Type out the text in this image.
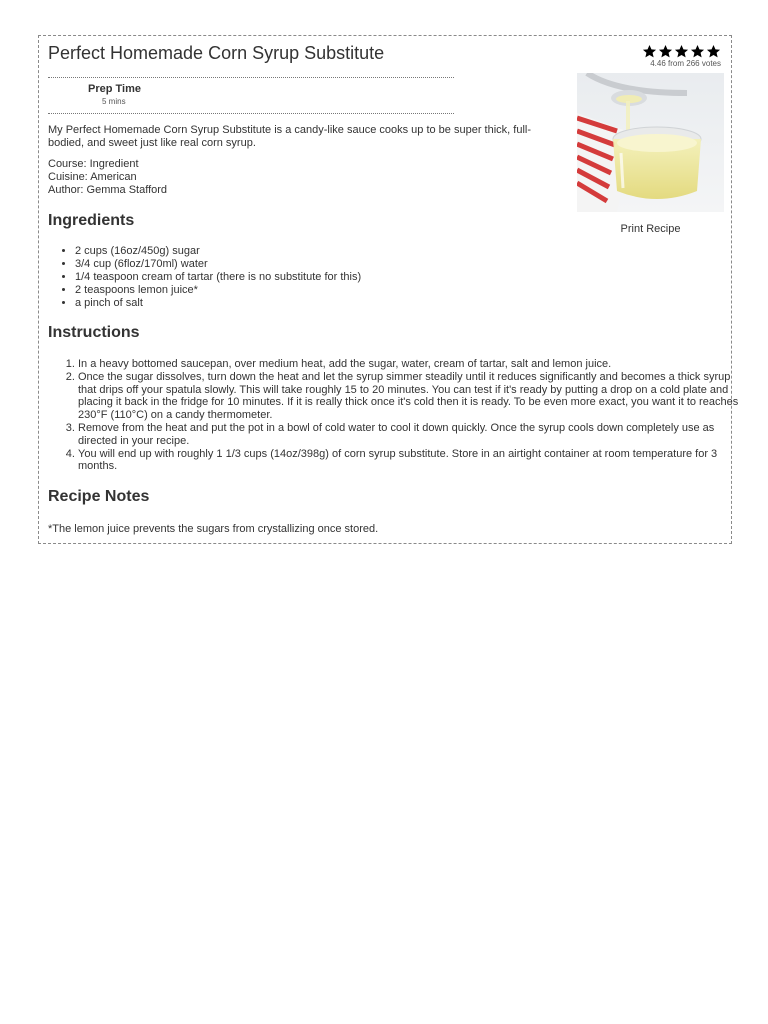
Perfect Homemade Corn Syrup Substitute
4.46 from 266 votes
Prep Time
5 mins

My Perfect Homemade Corn Syrup Substitute is a candy-like sauce cooks up to be super thick, full-bodied, and sweet just like real corn syrup.

Course: Ingredient
Cuisine: American
Author: Gemma Stafford
Ingredients
• 2 cups (16oz/450g) sugar
• 3/4 cup (6floz/170ml) water
• 1/4 teaspoon cream of tartar (there is no substitute for this)
• 2 teaspoons lemon juice*
• a pinch of salt
Instructions
1. In a heavy bottomed saucepan, over medium heat, add the sugar, water, cream of tartar, salt and lemon juice.
2. Once the sugar dissolves, turn down the heat and let the syrup simmer steadily until it reduces significantly and becomes a thick syrup that drips off your spatula slowly. This will take roughly 15 to 20 minutes. You can test if it's ready by putting a drop on a cold plate and placing it back in the fridge for 10 minutes. If it is really thick once it's cold then it is ready. To be even more exact, you want it to reaches 230°F (110°C) on a candy thermometer.
3. Remove from the heat and put the pot in a bowl of cold water to cool it down quickly. Once the syrup cools down completely use as directed in your recipe.
4. You will end up with roughly 1 1/3 cups (14oz/398g) of corn syrup substitute. Store in an airtight container at room temperature for 3 months.
Recipe Notes

*The lemon juice prevents the sugars from crystallizing once stored.

Print Recipe
